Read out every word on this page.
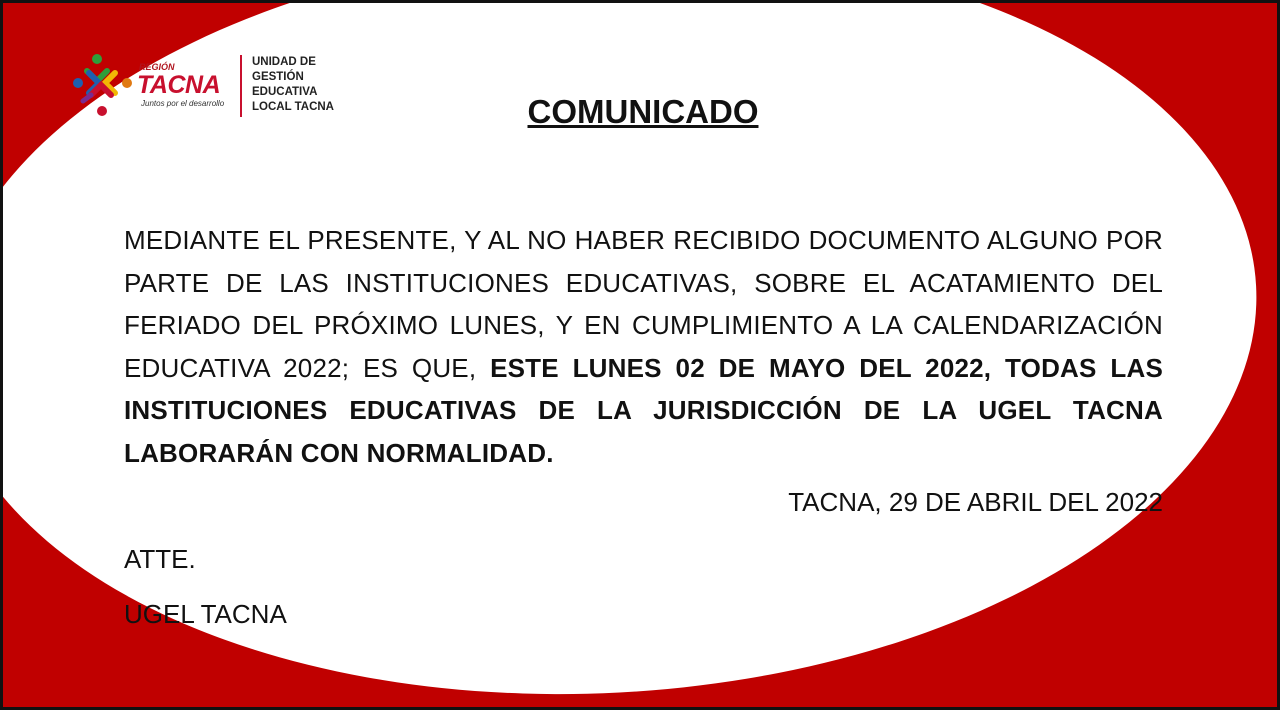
REGIÓN
TACNA
Juntos por el desarrollo
UNIDAD DE
GESTIÓN
EDUCATIVA
LOCAL TACNA	COMUNICADO
MEDIANTE EL PRESENTE, Y AL NO HABER RECIBIDO DOCUMENTO ALGUNO POR PARTE DE LAS INSTITUCIONES EDUCATIVAS, SOBRE EL ACATAMIENTO DEL FERIADO DEL PRÓXIMO LUNES, Y EN CUMPLIMIENTO A LA CALENDARIZACIÓN EDUCATIVA 2022; ES QUE, ESTE LUNES 02 DE MAYO DEL 2022, TODAS LAS INSTITUCIONES EDUCATIVAS DE LA JURISDICCIÓN DE LA UGEL TACNA LABORARÁN CON NORMALIDAD.
TACNA, 29 DE ABRIL DEL 2022
ATTE.
UGEL TACNA
